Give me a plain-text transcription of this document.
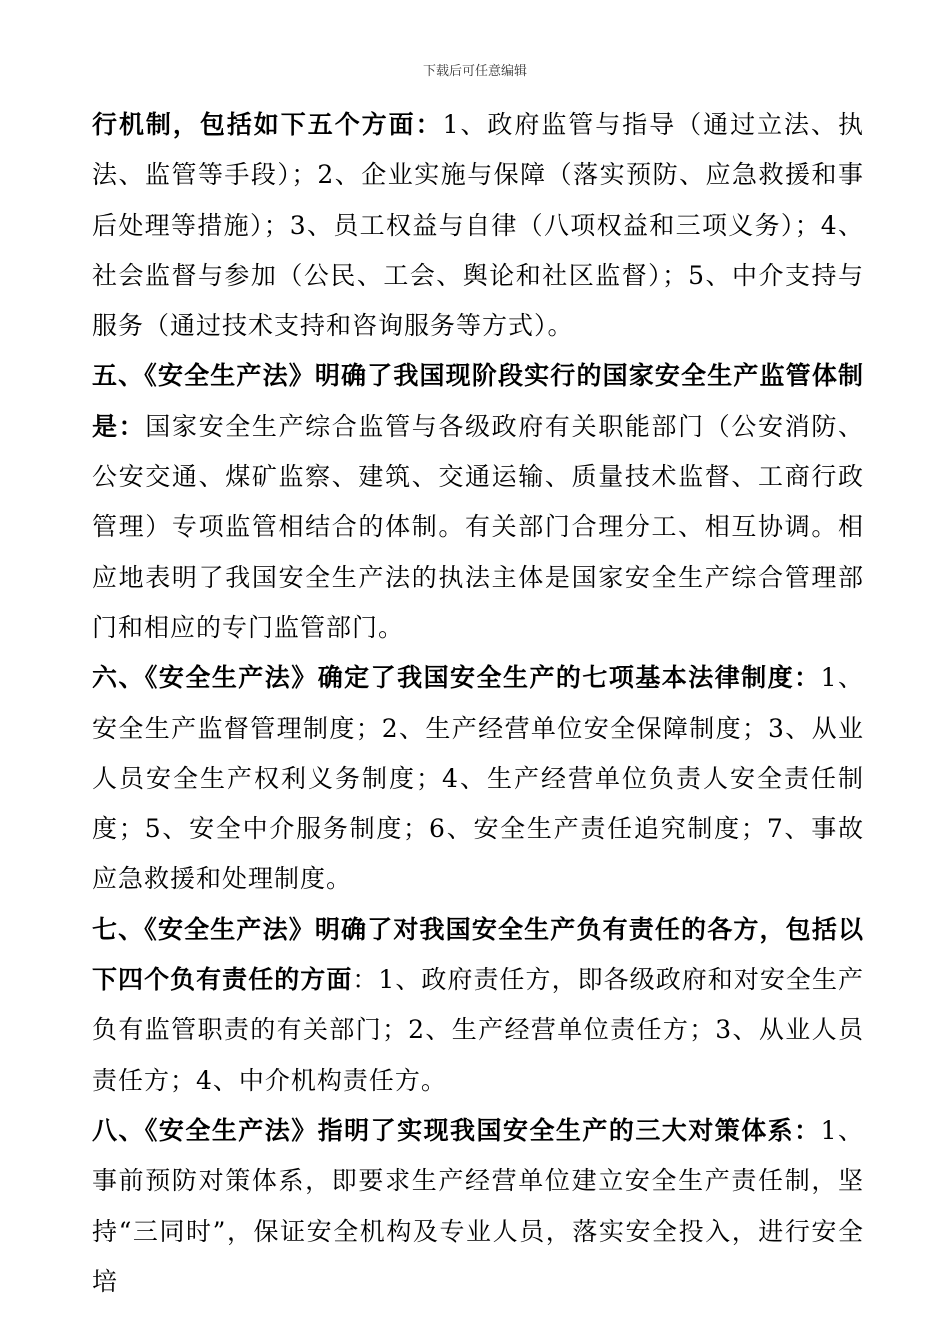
下载后可任意编辑

行机制，包括如下五个方面：1、政府监管与指导（通过立法、执法、监管等手段）；2、企业实施与保障（落实预防、应急救援和事后处理等措施）；3、员工权益与自律（八项权益和三项义务）；4、社会监督与参加（公民、工会、舆论和社区监督）；5、中介支持与服务（通过技术支持和咨询服务等方式）。

五、《安全生产法》明确了我国现阶段实行的国家安全生产监管体制是：国家安全生产综合监管与各级政府有关职能部门（公安消防、公安交通、煤矿监察、建筑、交通运输、质量技术监督、工商行政管理）专项监管相结合的体制。有关部门合理分工、相互协调。相应地表明了我国安全生产法的执法主体是国家安全生产综合管理部门和相应的专门监管部门。

六、《安全生产法》确定了我国安全生产的七项基本法律制度：1、安全生产监督管理制度；2、生产经营单位安全保障制度；3、从业人员安全生产权利义务制度；4、生产经营单位负责人安全责任制度；5、安全中介服务制度；6、安全生产责任追究制度；7、事故应急救援和处理制度。

七、《安全生产法》明确了对我国安全生产负有责任的各方，包括以下四个负有责任的方面：1、政府责任方，即各级政府和对安全生产负有监管职责的有关部门；2、生产经营单位责任方；3、从业人员责任方；4、中介机构责任方。

八、《安全生产法》指明了实现我国安全生产的三大对策体系：1、事前预防对策体系，即要求生产经营单位建立安全生产责任制，坚持“三同时”，保证安全机构及专业人员，落实安全投入，进行安全培
